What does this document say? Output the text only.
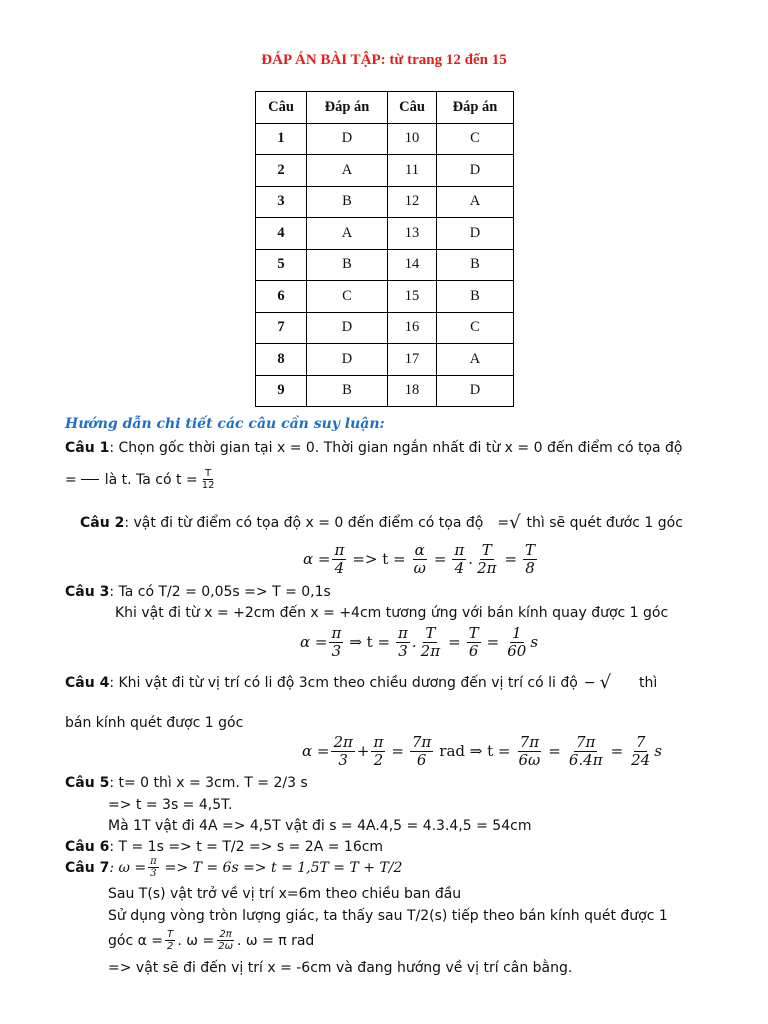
ĐÁP ÁN BÀI TẬP: từ trang 12 đến 15
Câu	Đáp án	Câu	Đáp án
1	D	10	C
2	A	11	D
3	B	12	A
4	A	13	D
5	B	14	B
6	C	15	B
7	D	16	C
8	D	17	A
9	B	18	D
Hướng dẫn chi tiết các câu cần suy luận:
Câu 1: Chọn gốc thời gian tại x = 0. Thời gian ngắn nhất đi từ x = 0 đến điểm có tọa độ
= là t. Ta có $t = \frac{T}{12}$
Câu 2 : vật đi từ điểm có tọa độ x = 0 đến điểm có tọa độ = √ thì sẽ quét đước 1 góc
$\alpha = \frac{\pi}{4} => t = \frac{\alpha}{\omega} = \frac{\pi}{4}$ . $\frac{T}{2\pi} = \frac{T}{8}$
Câu 3: Ta có T/2 = 0,05s => T = 0,1s
Khi vật đi từ x = +2cm đến x = +4cm tương ứng với bán kính quay được 1 góc
$\alpha = \frac{\pi}{3}$ ⇒ $t = \frac{\pi}{3}$ . $\frac{T}{2\pi} = \frac{T}{6} = \frac{1}{60}$ s
Câu 4 : Khi vật đi từ vị trí có li độ 3cm theo chiều dương đến vị trí có li độ − √ thì
bán kính quét được 1 góc
$\alpha = \frac{2\pi}{3} + \frac{\pi}{2} = \frac{7\pi}{6}$ rad ⇒ $t = \frac{7\pi}{6\omega} = \frac{7\pi}{6.4\pi} = \frac{7}{24}$ s
Câu 5: t= 0 thì x = 3cm. T = 2/3 s
=> t = 3s = 4,5T.
Mà 1T vật đi 4A => 4,5T vật đi s = 4A.4,5 = 4.3.4,5 = 54cm
Câu 6: T = 1s => t = T/2 => s = 2A = 16cm
Câu 7 : $\omega = \frac{\pi}{3} => T = 6s => t = 1,5T = T + T/2$
Sau T(s) vật trở về vị trí x=6m theo chiều ban đầu
Sử dụng vòng tròn lượng giác, ta thấy sau T/2(s) tiếp theo bán kính quét được 1
góc $\alpha = \frac{T}{2}$ . $\omega = \frac{2\pi}{2\omega}$ . ω = π rad
=> vật sẽ đi đến vị trí x = -6cm và đang hướng về vị trí cân bằng.
